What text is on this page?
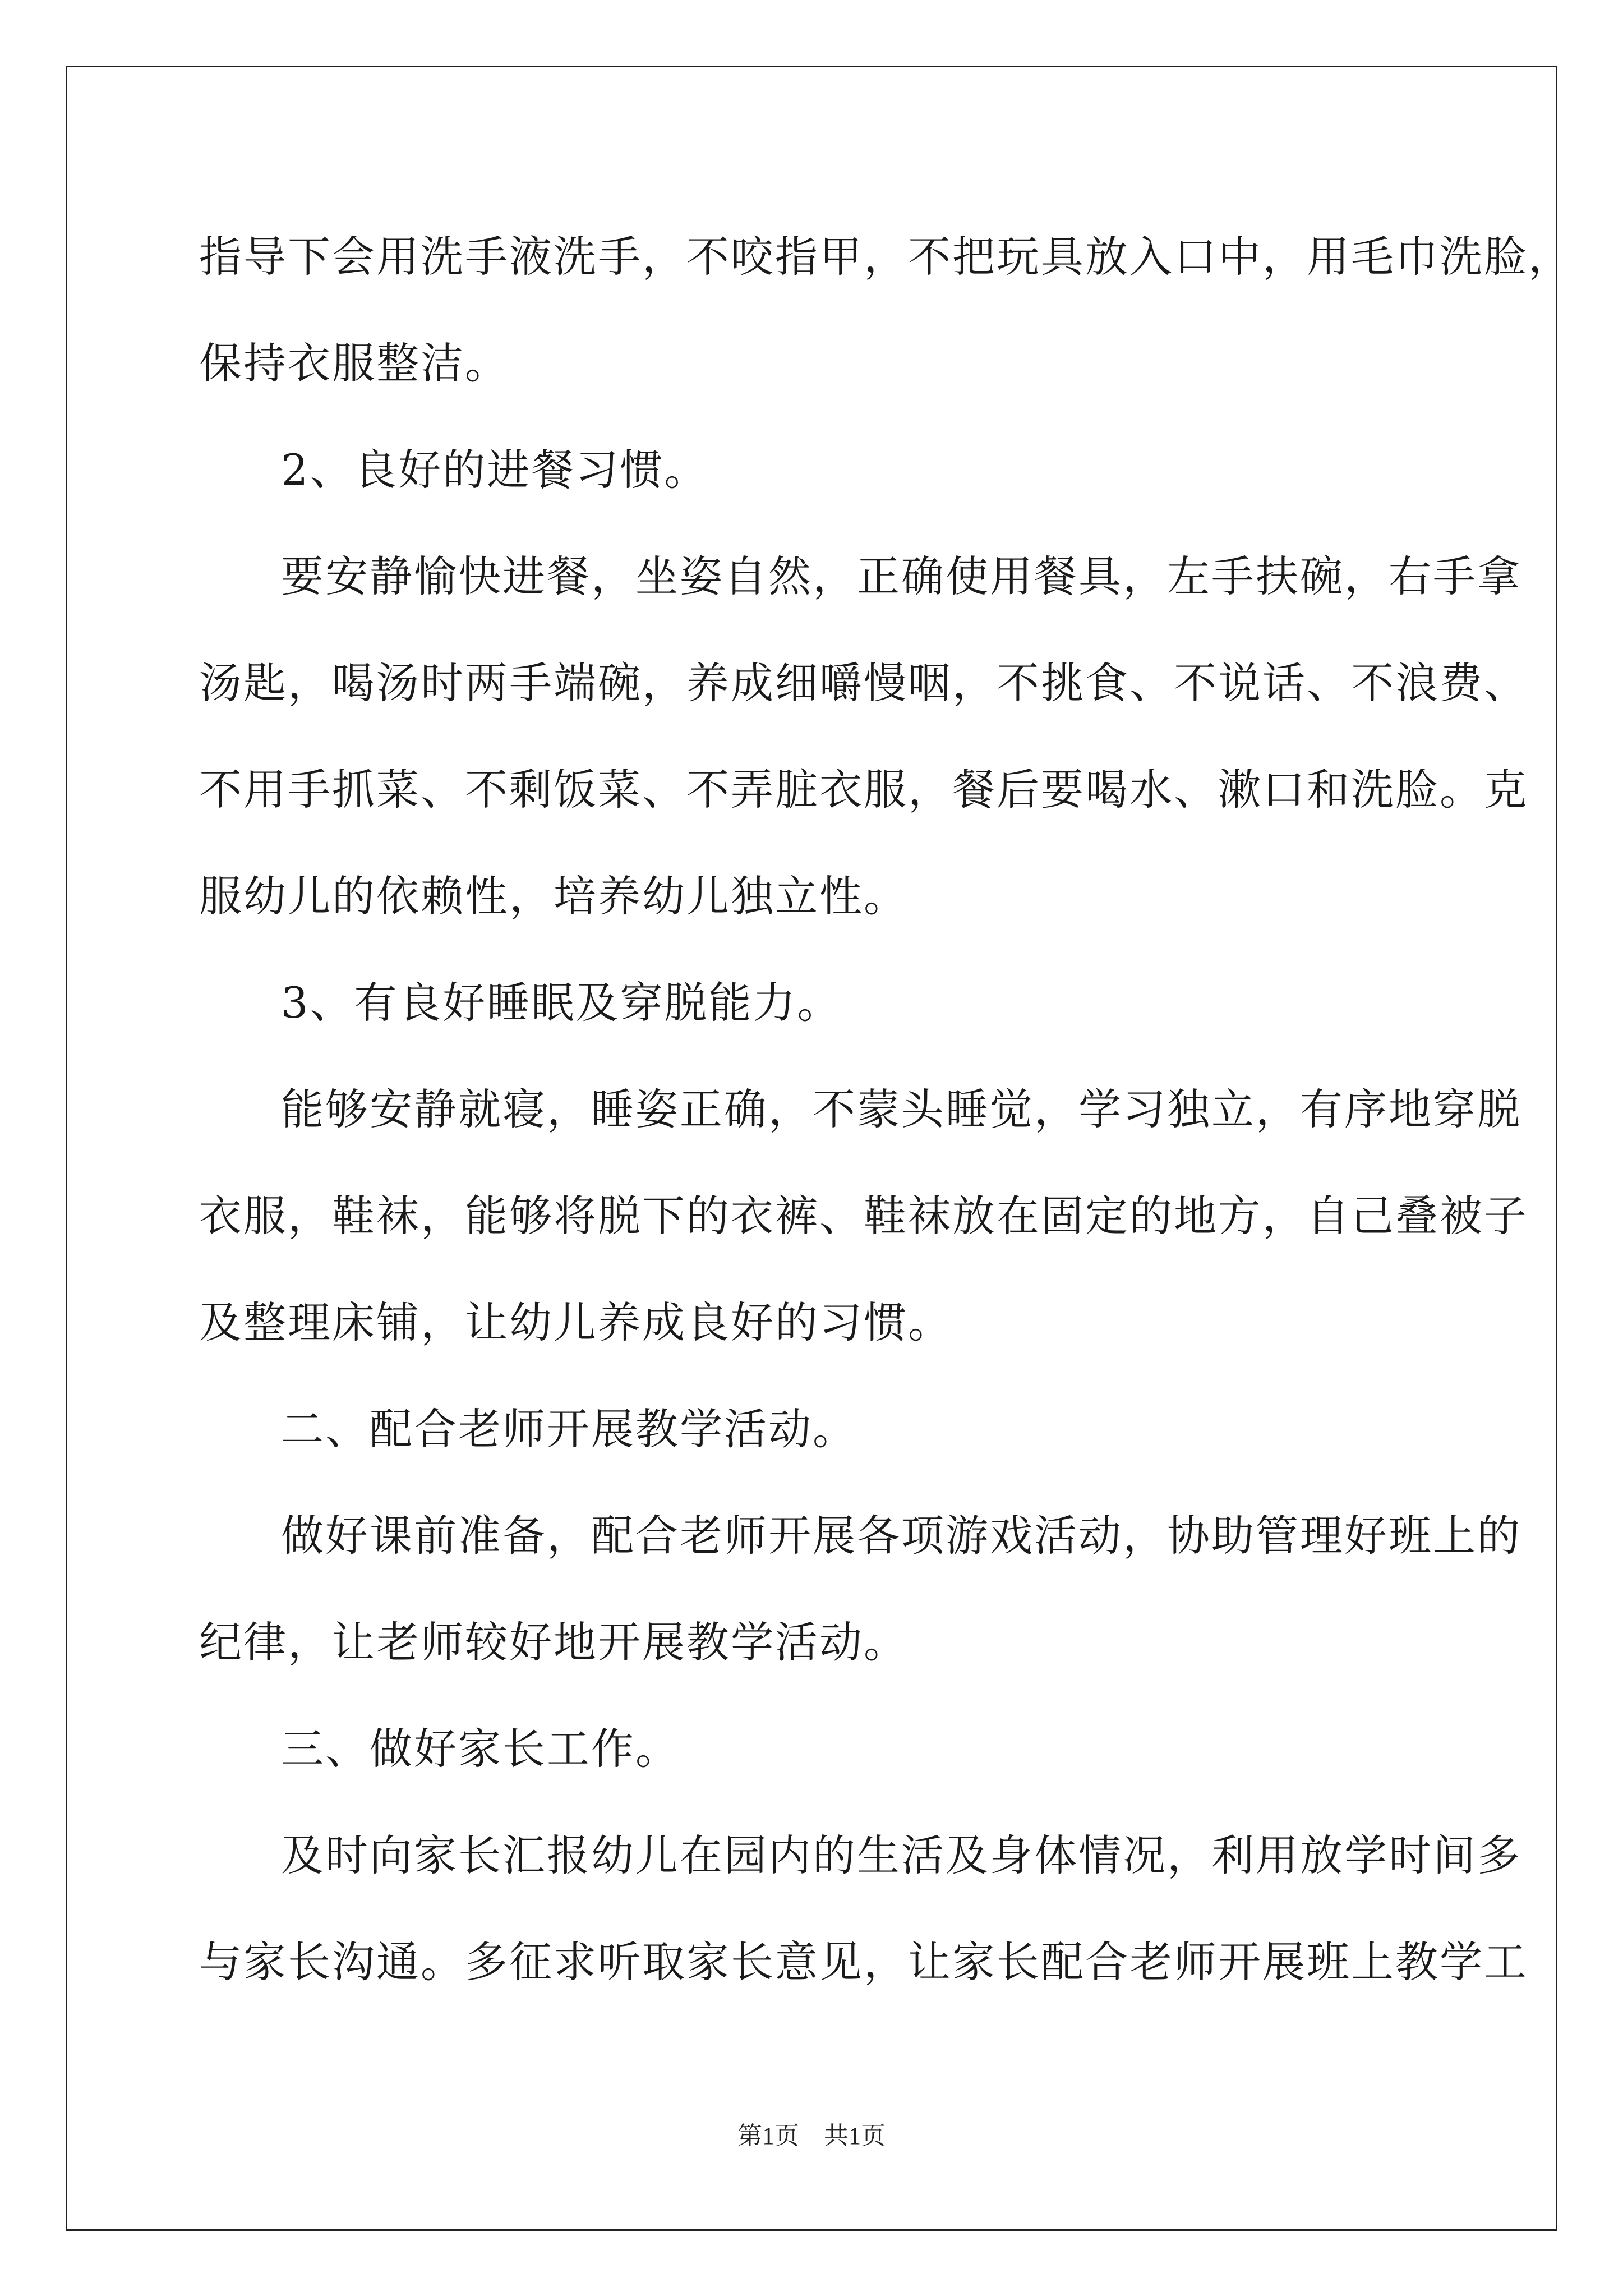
指导下会用洗手液洗手，不咬指甲，不把玩具放入口中，用毛巾洗脸，
保持衣服整洁。
2、良好的进餐习惯。
要安静愉快进餐，坐姿自然，正确使用餐具，左手扶碗，右手拿
汤匙，喝汤时两手端碗，养成细嚼慢咽，不挑食、不说话、不浪费、
不用手抓菜、不剩饭菜、不弄脏衣服，餐后要喝水、漱口和洗脸。克
服幼儿的依赖性，培养幼儿独立性。
3、有良好睡眠及穿脱能力。
能够安静就寝，睡姿正确，不蒙头睡觉，学习独立，有序地穿脱
衣服，鞋袜，能够将脱下的衣裤、鞋袜放在固定的地方，自己叠被子
及整理床铺，让幼儿养成良好的习惯。
二、配合老师开展教学活动。
做好课前准备，配合老师开展各项游戏活动，协助管理好班上的
纪律，让老师较好地开展教学活动。
三、做好家长工作。
及时向家长汇报幼儿在园内的生活及身体情况，利用放学时间多
与家长沟通。多征求听取家长意见，让家长配合老师开展班上教学工
第1页　共1页
